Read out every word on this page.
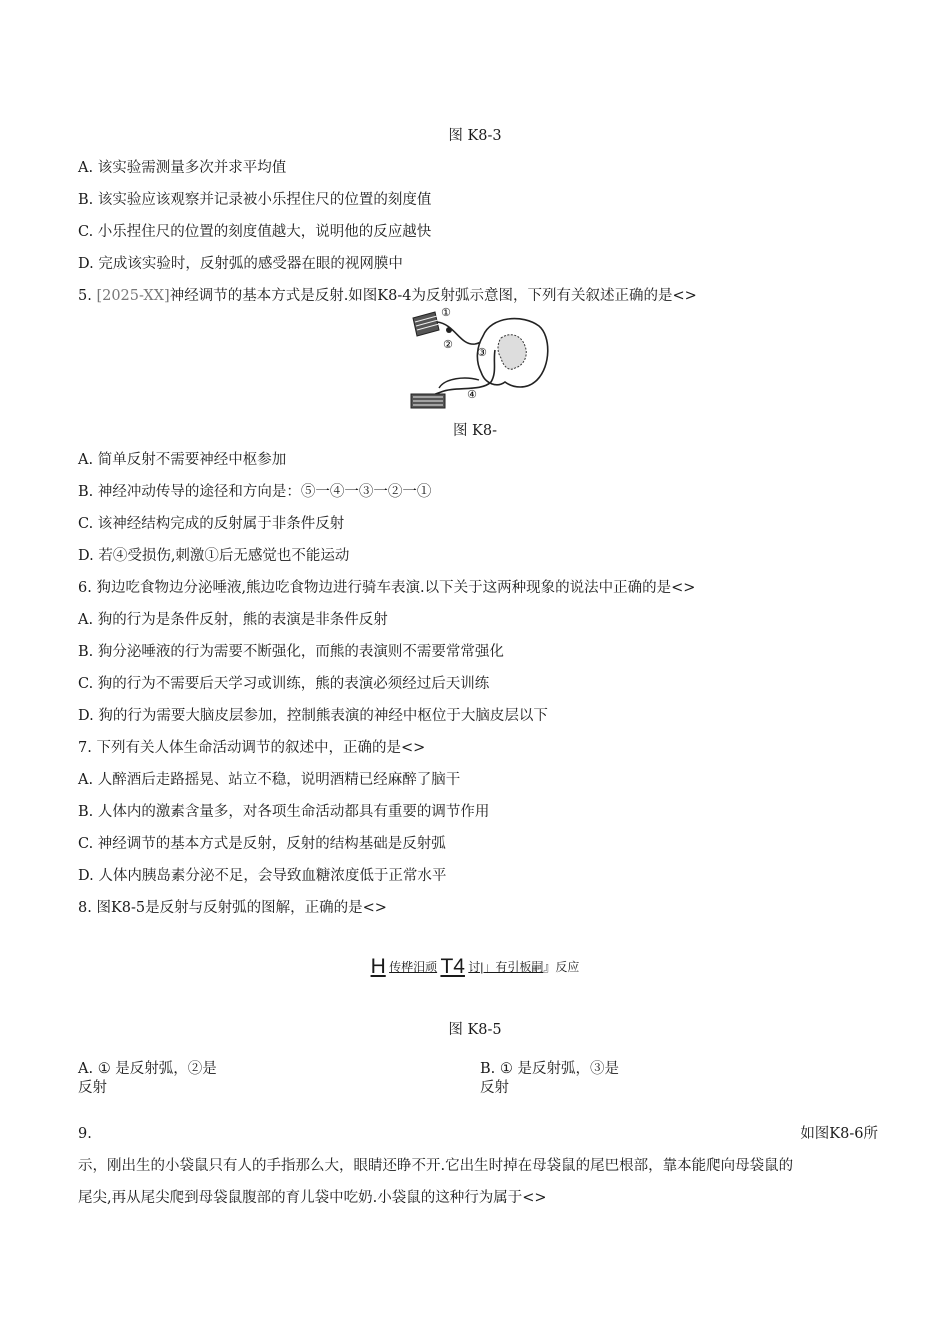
图 K8-3
A. 该实验需测量多次并求平均值
B. 该实验应该观察并记录被小乐捏住尺的位置的刻度值
C. 小乐捏住尺的位置的刻度值越大，说明他的反应越快
D. 完成该实验时，反射弧的感受器在眼的视网膜中
5. [2025-XX]神经调节的基本方式是反射.如图K8-4为反射弧示意图，下列有关叙述正确的是<>
①
②
③
④
图 K8-
A. 简单反射不需要神经中枢参加
B. 神经冲动传导的途径和方向是：⑤一④一③一②一①
C. 该神经结构完成的反射属于非条件反射
D. 若④受损伤,刺激①后无感觉也不能运动
6. 狗边吃食物边分泌唾液,熊边吃食物边进行骑车表演.以下关于这两种现象的说法中正确的是<>
A. 狗的行为是条件反射，熊的表演是非条件反射
B. 狗分泌唾液的行为需要不断强化，而熊的表演则不需要常常强化
C. 狗的行为不需要后天学习或训练，熊的表演必须经过后天训练
D. 狗的行为需要大脑皮层参加，控制熊表演的神经中枢位于大脑皮层以下
7. 下列有关人体生命活动调节的叙述中，正确的是<>
A. 人醉酒后走路摇晃、站立不稳，说明酒精已经麻醉了脑干
B. 人体内的激素含量多，对各项生命活动都具有重要的调节作用
C. 神经调节的基本方式是反射，反射的结构基础是反射弧
D. 人体内胰岛素分泌不足，会导致血糖浓度低于正常水平
8. 图K8-5是反射与反射弧的图解，正确的是<>
H 传桦汨顽 T4 讨|」有引板嗣』反应
图 K8-5
A. ① 是反射弧，②是
反射
B. ① 是反射弧，③是
反射
9.	如图K8-6所
示，刚出生的小袋鼠只有人的手指那么大，眼睛还睁不开.它出生时掉在母袋鼠的尾巴根部，靠本能爬向母袋鼠的
尾尖,再从尾尖爬到母袋鼠腹部的育儿袋中吃奶.小袋鼠的这种行为属于<>
